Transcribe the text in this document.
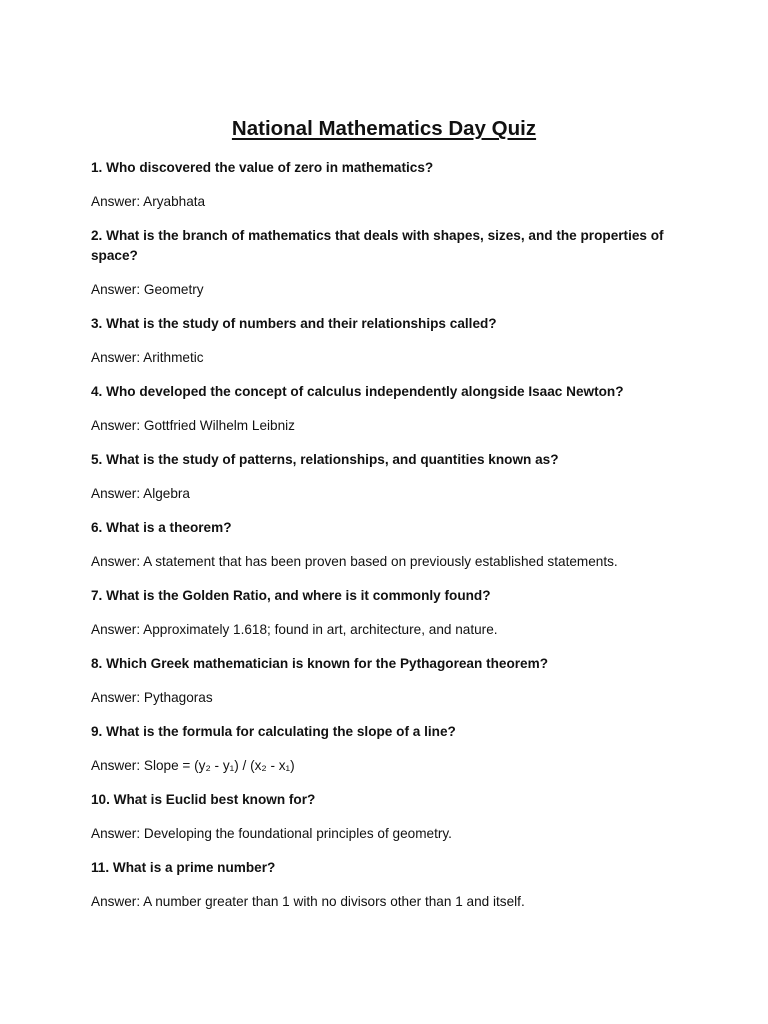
National Mathematics Day Quiz

1. Who discovered the value of zero in mathematics?

Answer: Aryabhata

2. What is the branch of mathematics that deals with shapes, sizes, and the properties of space?

Answer: Geometry

3. What is the study of numbers and their relationships called?

Answer: Arithmetic

4. Who developed the concept of calculus independently alongside Isaac Newton?

Answer: Gottfried Wilhelm Leibniz

5. What is the study of patterns, relationships, and quantities known as?

Answer: Algebra

6. What is a theorem?

Answer: A statement that has been proven based on previously established statements.

7. What is the Golden Ratio, and where is it commonly found?

Answer: Approximately 1.618; found in art, architecture, and nature.

8. Which Greek mathematician is known for the Pythagorean theorem?

Answer: Pythagoras

9. What is the formula for calculating the slope of a line?

Answer: Slope = (y₂ - y₁) / (x₂ - x₁)

10. What is Euclid best known for?

Answer: Developing the foundational principles of geometry.

11. What is a prime number?

Answer: A number greater than 1 with no divisors other than 1 and itself.
